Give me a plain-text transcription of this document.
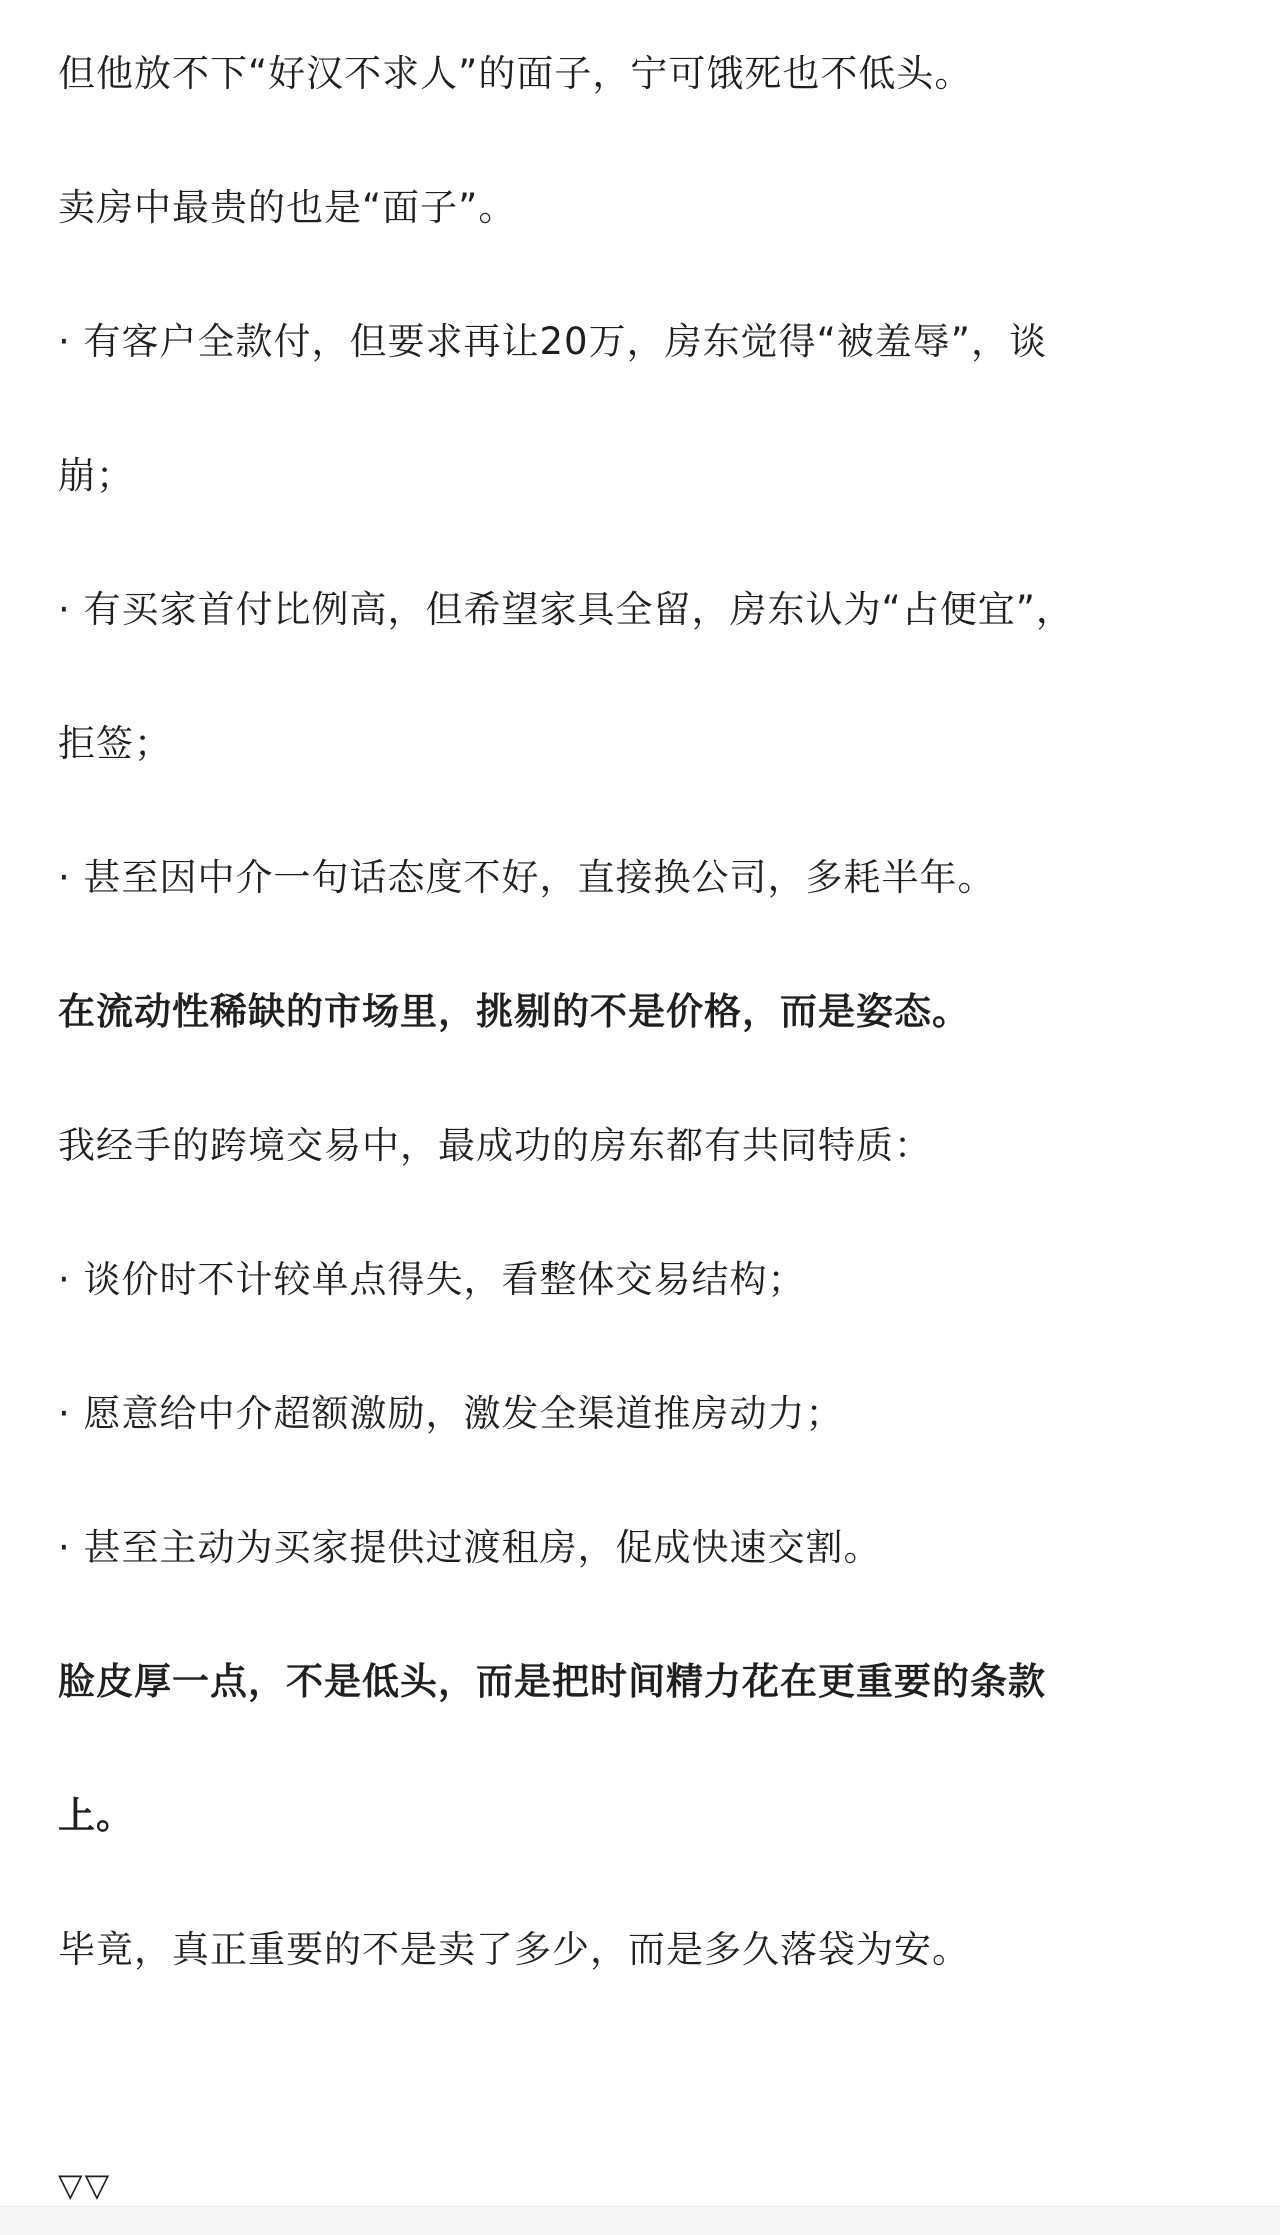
但他放不下“好汉不求人”的面子，宁可饿死也不低头。
卖房中最贵的也是“面子”。
· 有客户全款付，但要求再让20万，房东觉得“被羞辱”，谈
崩；
· 有买家首付比例高，但希望家具全留，房东认为“占便宜”，
拒签；
· 甚至因中介一句话态度不好，直接换公司，多耗半年。
在流动性稀缺的市场里，挑剔的不是价格，而是姿态。
我经手的跨境交易中，最成功的房东都有共同特质：
· 谈价时不计较单点得失，看整体交易结构；
· 愿意给中介超额激励，激发全渠道推房动力；
· 甚至主动为买家提供过渡租房，促成快速交割。
脸皮厚一点，不是低头，而是把时间精力花在更重要的条款
上。
毕竟，真正重要的不是卖了多少，而是多久落袋为安。
▽▽
